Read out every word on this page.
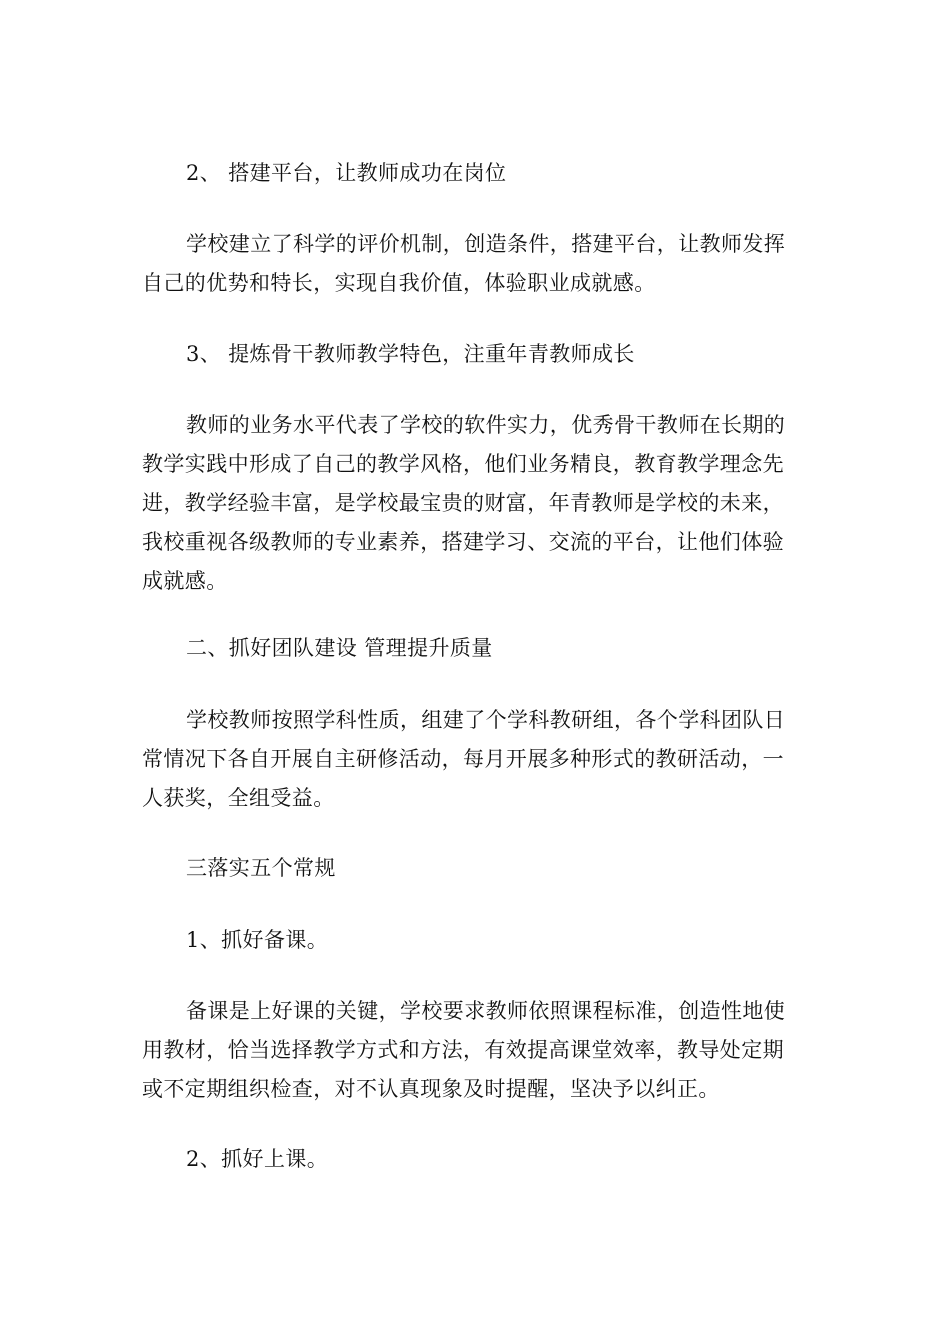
2、 搭建平台，让教师成功在岗位
学校建立了科学的评价机制，创造条件，搭建平台，让教师发挥
自己的优势和特长，实现自我价值，体验职业成就感。
3、 提炼骨干教师教学特色，注重年青教师成长
教师的业务水平代表了学校的软件实力，优秀骨干教师在长期的
教学实践中形成了自己的教学风格，他们业务精良，教育教学理念先
进，教学经验丰富，是学校最宝贵的财富，年青教师是学校的未来，
我校重视各级教师的专业素养，搭建学习、交流的平台，让他们体验
成就感。
二、抓好团队建设 管理提升质量
学校教师按照学科性质，组建了个学科教研组，各个学科团队日
常情况下各自开展自主研修活动，每月开展多种形式的教研活动，一
人获奖，全组受益。
三落实五个常规
1、抓好备课。
备课是上好课的关键，学校要求教师依照课程标准，创造性地使
用教材，恰当选择教学方式和方法，有效提高课堂效率，教导处定期
或不定期组织检查，对不认真现象及时提醒，坚决予以纠正。
2、抓好上课。
